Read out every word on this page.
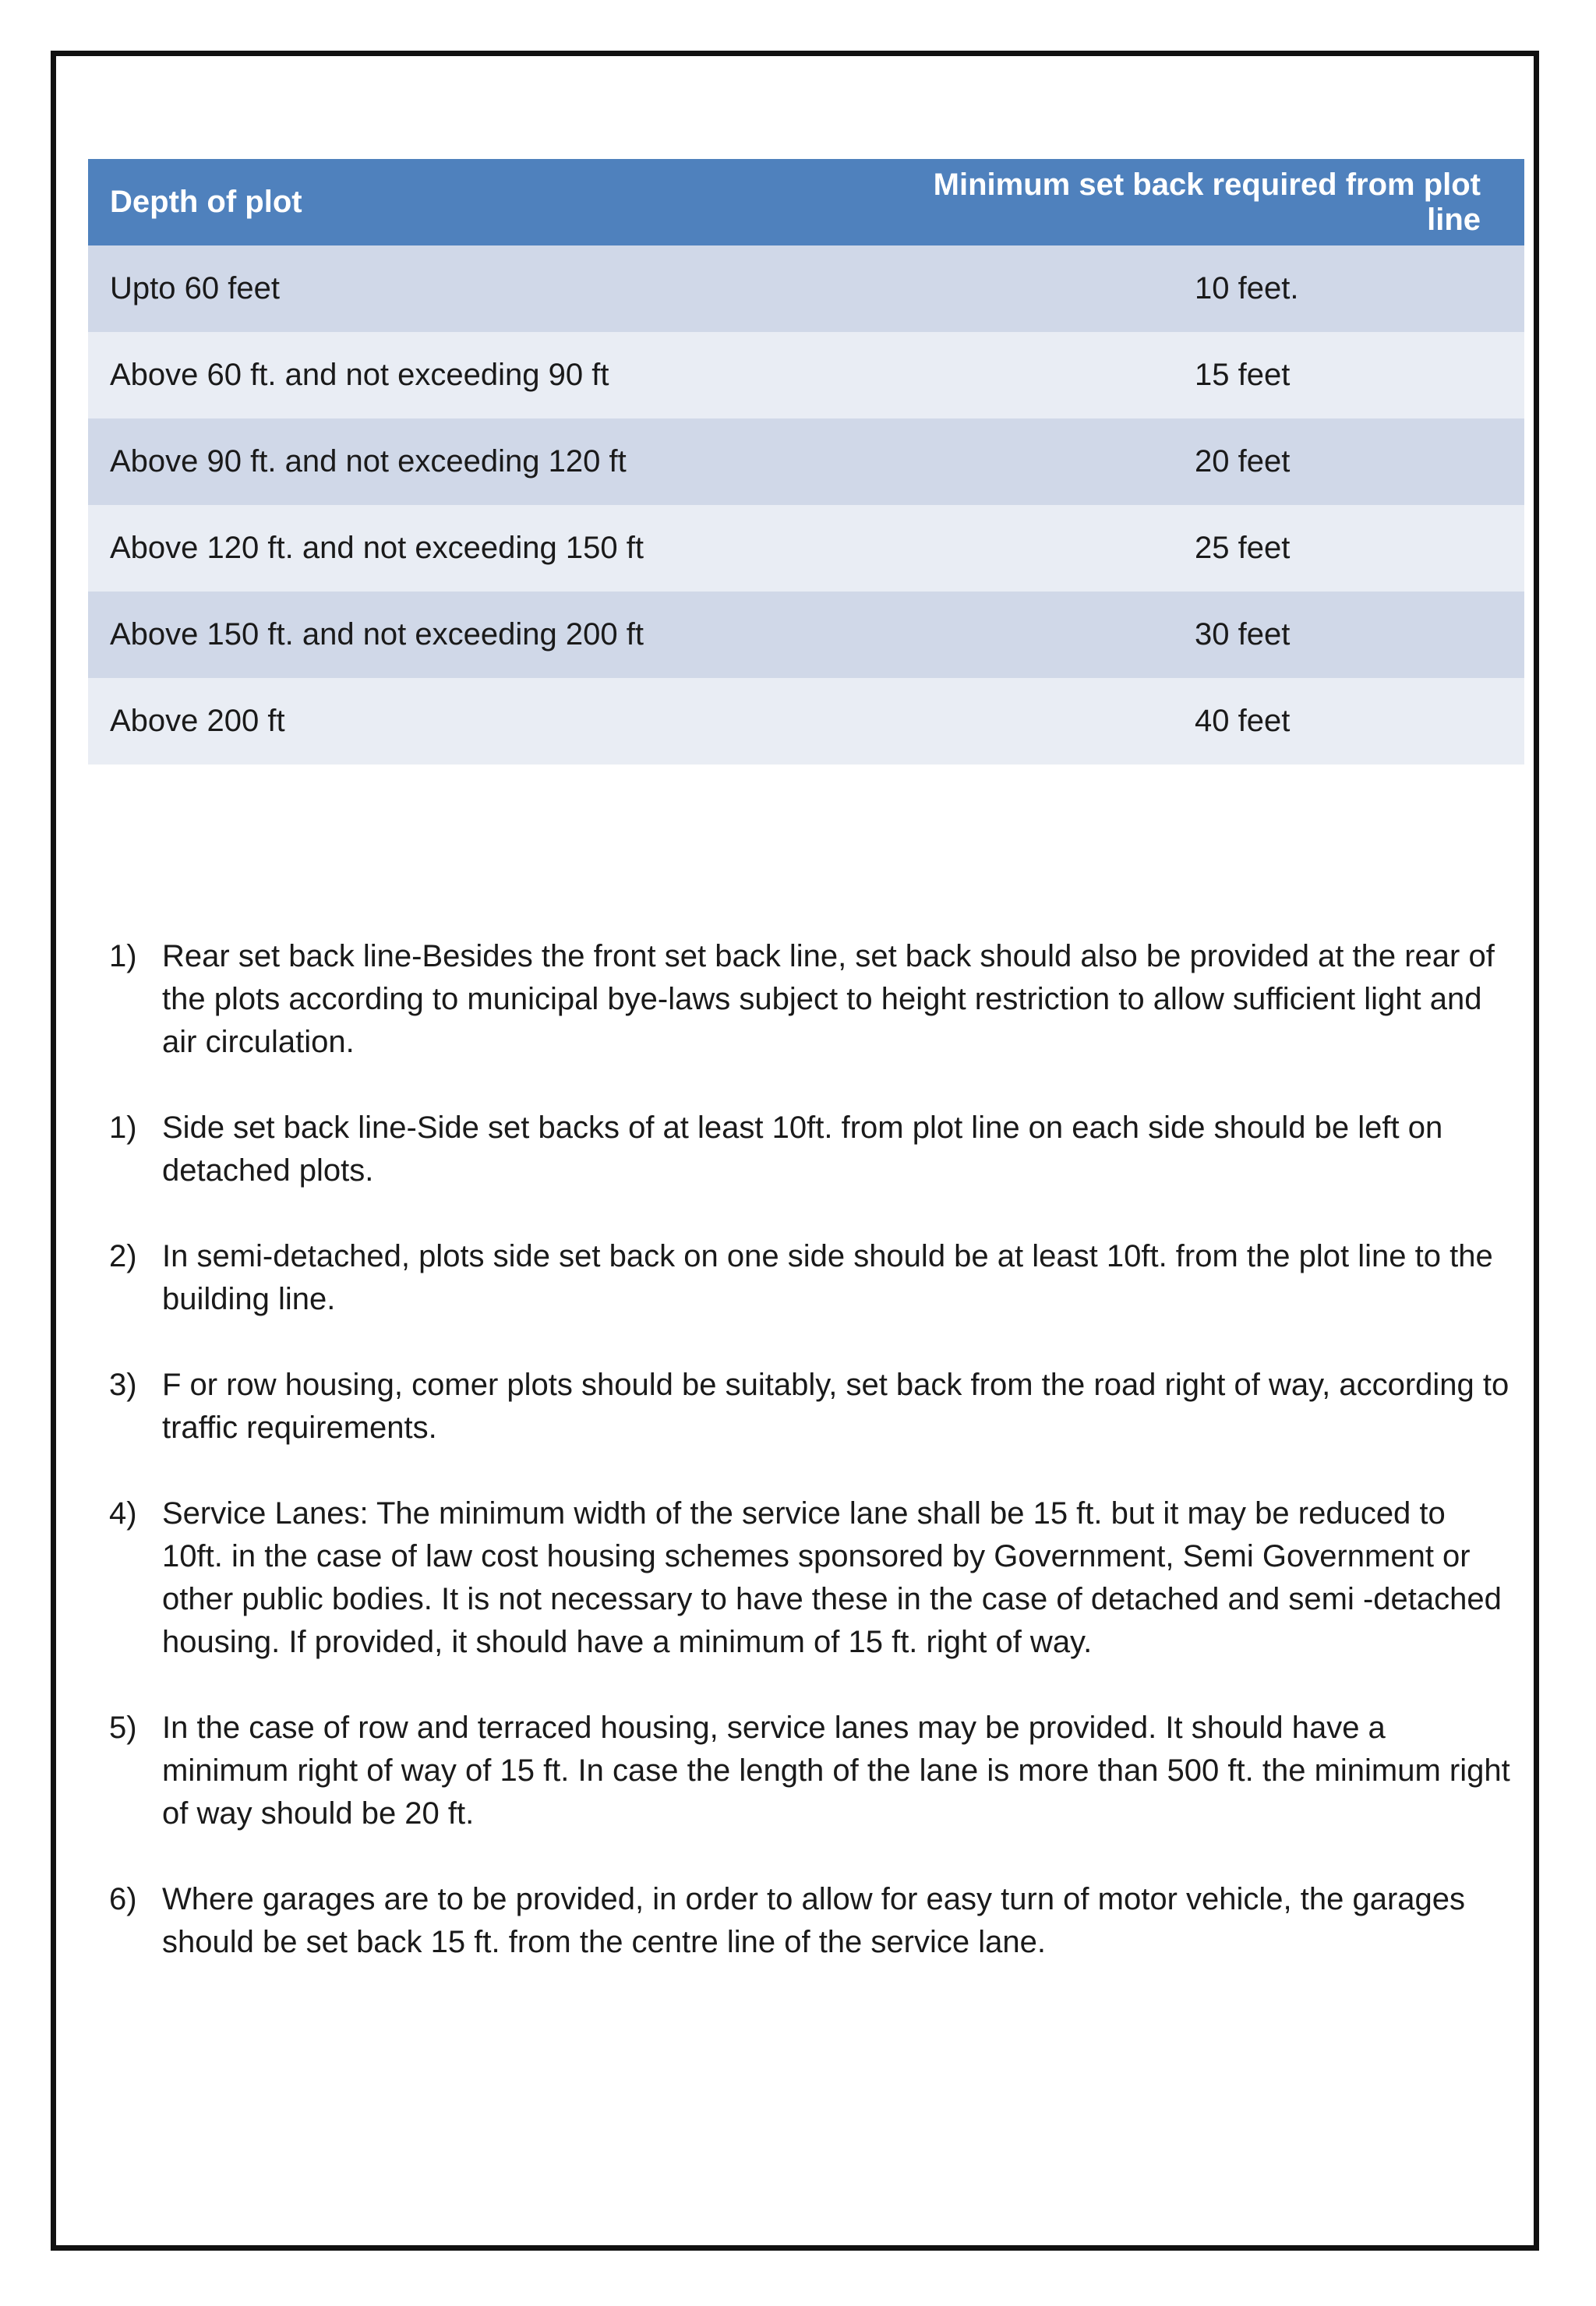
Depth of plot	Minimum set back required from plot line
Upto 60 feet	10 feet.
Above 60 ft. and not exceeding 90 ft	15 feet
Above 90 ft. and not exceeding 120 ft	20 feet
Above 120 ft. and not exceeding 150 ft	25 feet
Above 150 ft. and not exceeding 200 ft	30 feet
Above 200 ft	40 feet
1) Rear set back line-Besides the front set back line, set back should also be provided at the rear of the plots according to municipal bye-laws subject to height restriction to allow sufficient light and air circulation.
1) Side set back line-Side set backs of at least 10ft. from plot line on each side should be left on detached plots.
2) In semi-detached, plots side set back on one side should be at least 10ft. from the plot line to the building line.
3) F or row housing, comer plots should be suitably, set back from the road right of way, according to traffic requirements.
4) Service Lanes: The minimum width of the service lane shall be 15 ft. but it may be reduced to 10ft. in the case of law cost housing schemes sponsored by Government, Semi Government or other public bodies. It is not necessary to have these in the case of detached and semi -detached housing. If provided, it should have a minimum of 15 ft. right of way.
5) In the case of row and terraced housing, service lanes may be provided. It should have a minimum right of way of 15 ft. In case the length of the lane is more than 500 ft. the minimum right of way should be 20 ft.
6) Where garages are to be provided, in order to allow for easy turn of motor vehicle, the garages should be set back 15 ft. from the centre line of the service lane.
